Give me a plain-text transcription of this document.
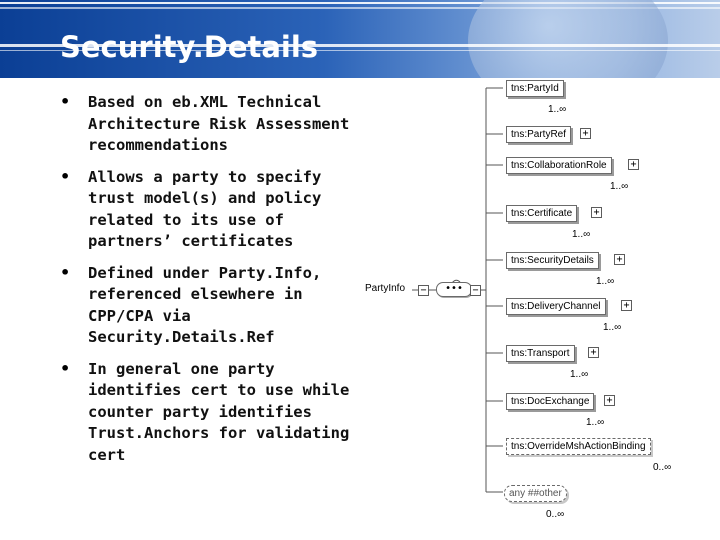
Security.Details
• Based on eb.XML Technical Architecture Risk Assessment recommendations
• Allows a party to specify trust model(s) and policy related to its use of partners’ certificates
• Defined under Party.Info, referenced elsewhere in CPP/CPA via Security.Details.Ref
• In general one party identifies cert to use while counter party identifies Trust.Anchors for validating cert
PartyInfo −	••• −
tns:PartyId
1..∞
tns:PartyRef	+
tns:CollaborationRole	+
1..∞
tns:Certificate	+
1..∞
tns:SecurityDetails	+
1..∞
tns:DeliveryChannel	+
1..∞
tns:Transport	+
1..∞
tns:DocExchange	+
1..∞
tns:OverrideMshActionBinding
0..∞
any ##other
0..∞
